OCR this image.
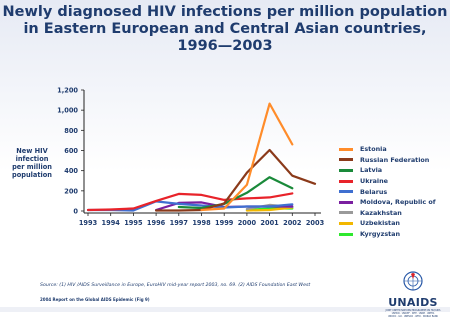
Newly diagnosed HIV infections per million population
in Eastern European and Central Asian countries,
1996—2003
New HIV
infection
per million
population
0
200
400
600
800
1,000
1,200
1993 1994 1995 1996 1997 1998 1999 2000 2001 2002 2003
Estonia
Russian Federation
Latvia
Ukraine
Belarus
Moldova, Republic of
Kazakhstan
Uzbekistan
Kyrgyzstan
Source: (1) HIV /AIDS Surveillance in Europe, EuroHIV mid-year report 2003, no. 69. (2) AIDS Foundation East West
2004 Report on the Global AIDS Epidemic (Fig 9)	UNAIDS
JOINT UNITED NATIONS PROGRAMME ON HIV/AIDS
UNHCR · UNICEF · WFP · UNDP · UNFPA
UNODC · ILO · UNESCO · WHO · WORLD BANK
